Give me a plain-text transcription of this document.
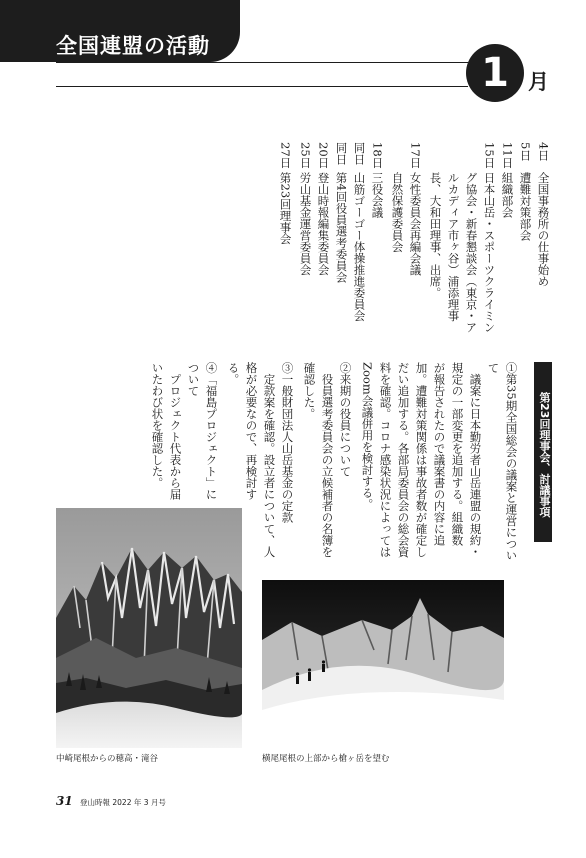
全国連盟の活動
1 月
4日
全国事務所の仕事始め
5日
遭難対策部会
11日
組織部会
15日
日本山岳・スポーツクライミン
グ協会・新春懇談会（東京・ア
ルカディア市ヶ谷）浦添理事
長、大和田理事、出席。
17日
女性委員会再編会議
自然保護委員会
18日
三役会議
同日
山筋ゴーゴー体操推進委員会
同日
第4回役員選考委員会
20日
登山時報編集委員会
25日
労山基金運営委員会
27日
第23回理事会
第23回理事会、討議事項
①第35期全国総会の議案と運営につい
て
　議案に日本勤労者山岳連盟の規約・
規定の一部変更を追加する。組織数
が報告されたので議案書の内容に追
加。遭難対策関係は事故者数が確定し
だい追加する。各部局委員会の総会資
料を確認。コロナ感染状況によっては
Zoom会議併用を検討する。
②来期の役員について
　役員選考委員会の立候補者の名簿を
確認した。
③一般財団法人山岳基金の定款
　定款案を確認。設立者について、人
格が必要なので、再検討す
る。
④「福島プロジェクト」に
ついて
　プロジェクト代表から届
いたわび状を確認した。
中崎尾根からの穂高・滝谷	横尾尾根の上部から槍ヶ岳を望む
31 登山時報 2022 年 3 月号
